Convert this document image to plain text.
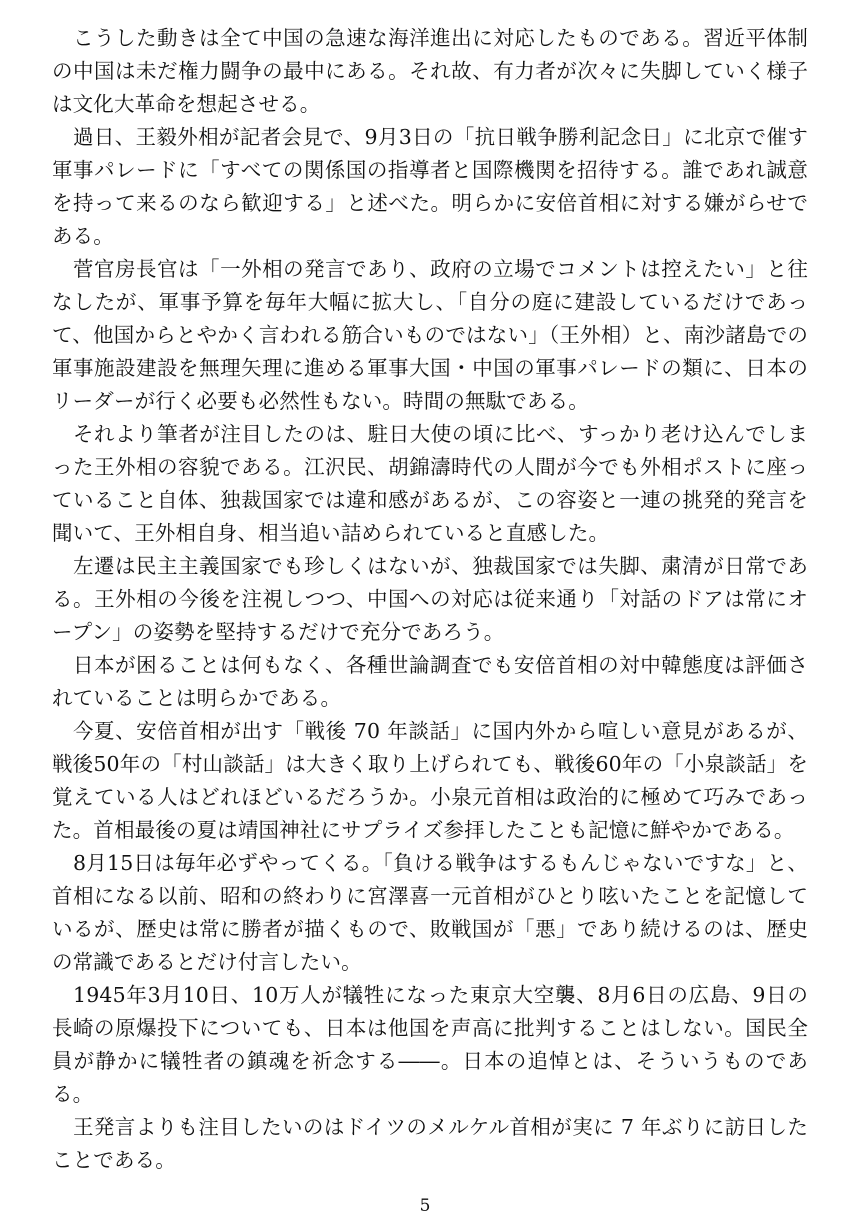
こうした動きは全て中国の急速な海洋進出に対応したものである。習近平体制の中国は未だ権力闘争の最中にある。それ故、有力者が次々に失脚していく様子は文化大革命を想起させる。

過日、王毅外相が記者会見で、9月3日の「抗日戦争勝利記念日」に北京で催す軍事パレードに「すべての関係国の指導者と国際機関を招待する。誰であれ誠意を持って来るのなら歓迎する」と述べた。明らかに安倍首相に対する嫌がらせである。

菅官房長官は「一外相の発言であり、政府の立場でコメントは控えたい」と往なしたが、軍事予算を毎年大幅に拡大し、「自分の庭に建設しているだけであって、他国からとやかく言われる筋合いものではない」（王外相）と、南沙諸島での軍事施設建設を無理矢理に進める軍事大国・中国の軍事パレードの類に、日本のリーダーが行く必要も必然性もない。時間の無駄である。

それより筆者が注目したのは、駐日大使の頃に比べ、すっかり老け込んでしまった王外相の容貌である。江沢民、胡錦濤時代の人間が今でも外相ポストに座っていること自体、独裁国家では違和感があるが、この容姿と一連の挑発的発言を聞いて、王外相自身、相当追い詰められていると直感した。

左遷は民主主義国家でも珍しくはないが、独裁国家では失脚、粛清が日常である。王外相の今後を注視しつつ、中国への対応は従来通り「対話のドアは常にオープン」の姿勢を堅持するだけで充分であろう。

日本が困ることは何もなく、各種世論調査でも安倍首相の対中韓態度は評価されていることは明らかである。

今夏、安倍首相が出す「戦後 70 年談話」に国内外から喧しい意見があるが、戦後50年の「村山談話」は大きく取り上げられても、戦後60年の「小泉談話」を覚えている人はどれほどいるだろうか。小泉元首相は政治的に極めて巧みであった。首相最後の夏は靖国神社にサプライズ参拝したことも記憶に鮮やかである。

8月15日は毎年必ずやってくる。「負ける戦争はするもんじゃないですな」と、首相になる以前、昭和の終わりに宮澤喜一元首相がひとり呟いたことを記憶しているが、歴史は常に勝者が描くもので、敗戦国が「悪」であり続けるのは、歴史の常識であるとだけ付言したい。

1945年3月10日、10万人が犠牲になった東京大空襲、8月6日の広島、9日の長崎の原爆投下についても、日本は他国を声高に批判することはしない。国民全員が静かに犠牲者の鎮魂を祈念する――。日本の追悼とは、そういうものである。

王発言よりも注目したいのはドイツのメルケル首相が実に 7 年ぶりに訪日したことである。

5
